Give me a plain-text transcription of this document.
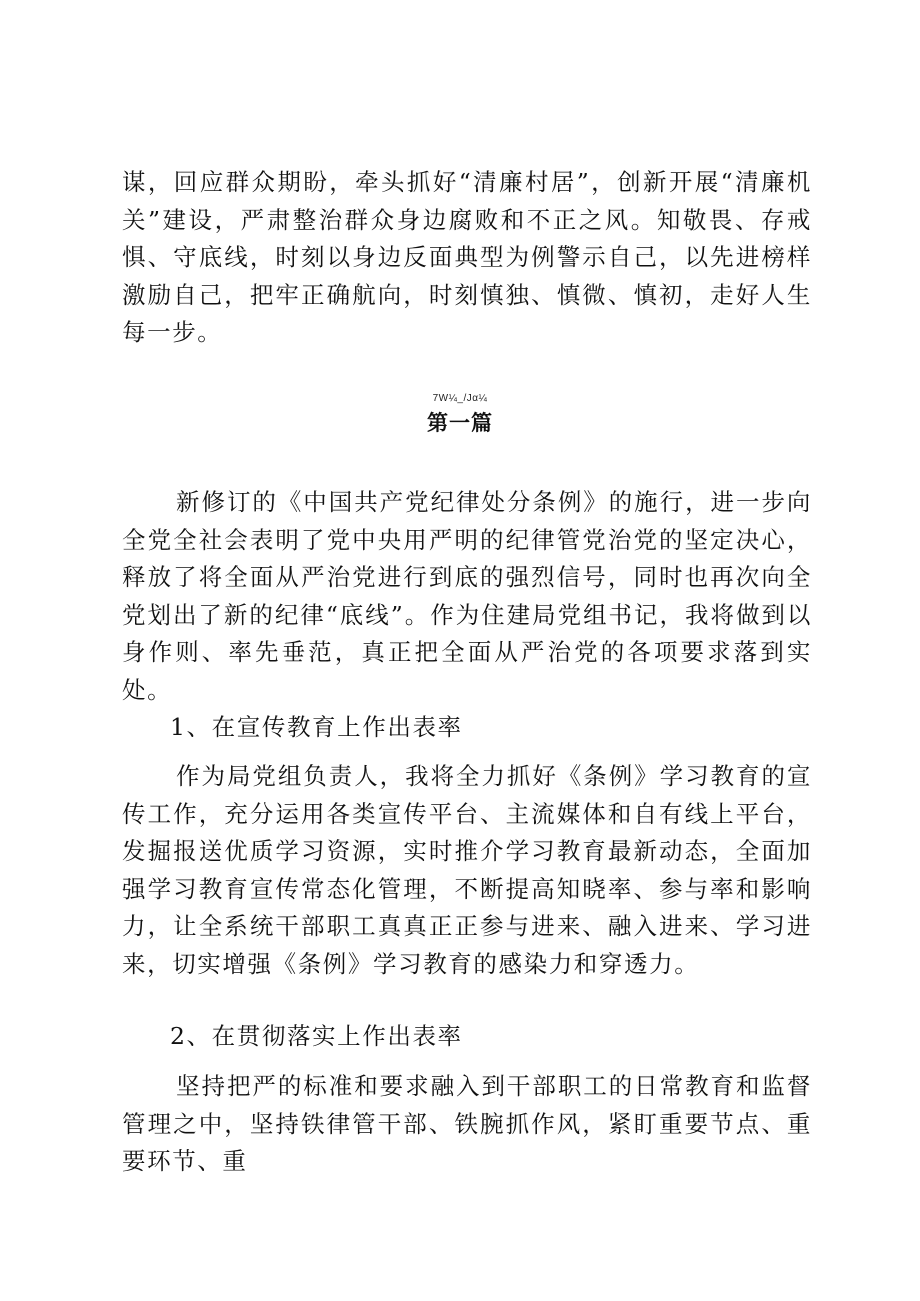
谋，回应群众期盼，牵头抓好“清廉村居”，创新开展“清廉机关”建设，严肃整治群众身边腐败和不正之风。知敬畏、存戒惧、守底线，时刻以身边反面典型为例警示自己，以先进榜样激励自己，把牢正确航向，时刻慎独、慎微、慎初，走好人生每一步。

7W¼_/Jα¼
第一篇

新修订的《中国共产党纪律处分条例》的施行，进一步向全党全社会表明了党中央用严明的纪律管党治党的坚定决心，释放了将全面从严治党进行到底的强烈信号，同时也再次向全党划出了新的纪律“底线”。作为住建局党组书记，我将做到以身作则、率先垂范，真正把全面从严治党的各项要求落到实处。

1、在宣传教育上作出表率

作为局党组负责人，我将全力抓好《条例》学习教育的宣传工作，充分运用各类宣传平台、主流媒体和自有线上平台，发掘报送优质学习资源，实时推介学习教育最新动态，全面加强学习教育宣传常态化管理，不断提高知晓率、参与率和影响力，让全系统干部职工真真正正参与进来、融入进来、学习进来，切实增强《条例》学习教育的感染力和穿透力。

2、在贯彻落实上作出表率

坚持把严的标准和要求融入到干部职工的日常教育和监督管理之中，坚持铁律管干部、铁腕抓作风，紧盯重要节点、重要环节、重
